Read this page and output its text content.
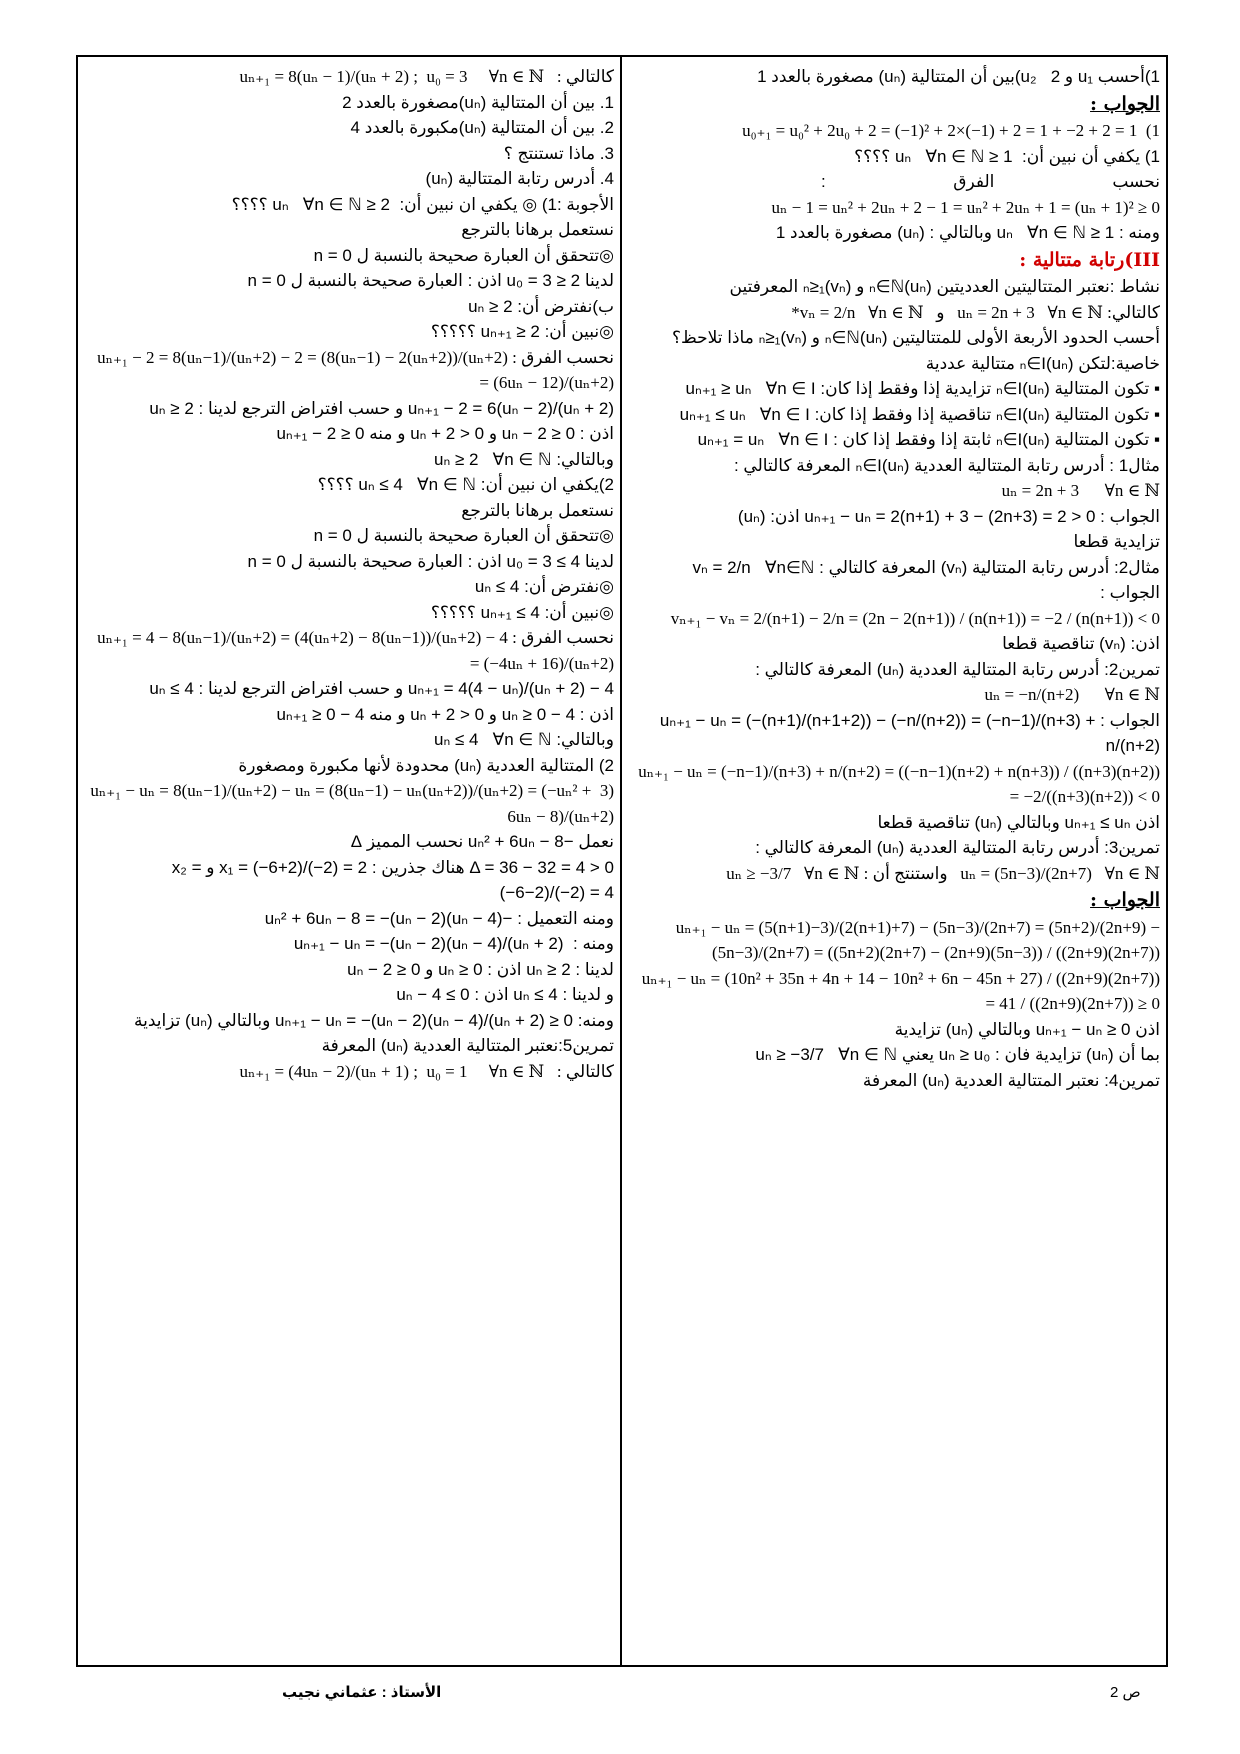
1)أحسب u₁ و u₂   2)بين أن المتتالية (uₙ) مصغورة بالعدد 1

الجواب :

u₀₊₁ = u₀² + 2u₀ + 2 = (−1)² + 2×(−1) + 2 = 1 + −2 + 2 = 1  (1

1) يكفي أن نبين أن:  1 ≤ uₙ   ∀n ∈ ℕ ؟؟؟؟

نحسب                         الفرق                           :

uₙ − 1 = uₙ² + 2uₙ + 2 − 1 = uₙ² + 2uₙ + 1 = (uₙ + 1)² ≥ 0

ومنه : 1 ≤ uₙ   ∀n ∈ ℕ وبالتالي : (uₙ) مصغورة بالعدد 1

III)رتابة متتالية :

نشاط :نعتبر المتتاليتين العدديتين (uₙ)ₙ∈ℕ و (vₙ)ₙ≥₁ المعرفتين

كالتالي: uₙ = 2n + 3   ∀n ∈ ℕ   و   vₙ = 2/n   ∀n ∈ ℕ*

أحسب الحدود الأربعة الأولى للمتتاليتين (uₙ)ₙ∈ℕ و (vₙ)ₙ≥₁ ماذا تلاحظ؟

خاصية:لتكن (uₙ)ₙ∈I متتالية عددية

▪ تكون المتتالية (uₙ)ₙ∈I تزايدية إذا وفقط إذا كان: uₙ₊₁ ≥ uₙ   ∀n ∈ I

▪ تكون المتتالية (uₙ)ₙ∈I تناقصية إذا وفقط إذا كان: uₙ₊₁ ≤ uₙ   ∀n ∈ I

▪ تكون المتتالية (uₙ)ₙ∈I ثابتة إذا وفقط إذا كان : uₙ₊₁ = uₙ   ∀n ∈ I

مثال1 : أدرس رتابة المتتالية العددية (uₙ)ₙ∈I المعرفة كالتالي :

uₙ = 2n + 3      ∀n ∈ ℕ

الجواب : uₙ₊₁ − uₙ = 2(n+1) + 3 − (2n+3) = 2 > 0 اذن: (uₙ)

تزايدية قطعا

مثال2: أدرس رتابة المتتالية (vₙ) المعرفة كالتالي : vₙ = 2/n   ∀n∈ℕ

الجواب :

vₙ₊₁ − vₙ = 2/(n+1) − 2/n = (2n − 2(n+1)) / (n(n+1)) = −2 / (n(n+1)) < 0

اذن: (vₙ) تناقصية قطعا

تمرين2: أدرس رتابة المتتالية العددية (uₙ) المعرفة كالتالي :

uₙ = −n/(n+2)      ∀n ∈ ℕ

الجواب : uₙ₊₁ − uₙ = (−(n+1)/(n+1+2)) − (−n/(n+2)) = (−n−1)/(n+3) + n/(n+2)

uₙ₊₁ − uₙ = (−n−1)/(n+3) + n/(n+2) = ((−n−1)(n+2) + n(n+3)) / ((n+3)(n+2)) = −2/((n+3)(n+2)) < 0

اذن uₙ₊₁ ≤ uₙ وبالتالي (uₙ) تناقصية قطعا

تمرين3: أدرس رتابة المتتالية العددية (uₙ) المعرفة كالتالي :

uₙ = (5n−3)/(2n+7)   ∀n ∈ ℕ   واستنتج أن : uₙ ≥ −3/7   ∀n ∈ ℕ

الجواب :

uₙ₊₁ − uₙ = (5(n+1)−3)/(2(n+1)+7) − (5n−3)/(2n+7) = (5n+2)/(2n+9) − (5n−3)/(2n+7) = ((5n+2)(2n+7) − (2n+9)(5n−3)) / ((2n+9)(2n+7))

uₙ₊₁ − uₙ = (10n² + 35n + 4n + 14 − 10n² + 6n − 45n + 27) / ((2n+9)(2n+7)) = 41 / ((2n+9)(2n+7)) ≥ 0

اذن uₙ₊₁ − uₙ ≥ 0 وبالتالي (uₙ) تزايدية

بما أن (uₙ) تزايدية فان : uₙ ≥ u₀ يعني uₙ ≥ −3/7   ∀n ∈ ℕ

تمرين4: نعتبر المتتالية العددية (uₙ) المعرفة

كالتالي :   uₙ₊₁ = 8(uₙ − 1)/(uₙ + 2) ;  u₀ = 3     ∀n ∈ ℕ

1. بين أن المتتالية (uₙ)مصغورة بالعدد 2

2. بين أن المتتالية (uₙ)مكبورة بالعدد 4

3. ماذا تستنتج ؟

4. أدرس رتابة المتتالية (uₙ)

الأجوبة :1) ◎ يكفي ان نبين أن:  2 ≤ uₙ   ∀n ∈ ℕ ؟؟؟؟

نستعمل برهانا بالترجع

◎تتحقق أن العبارة صحيحة بالنسبة ل n = 0

لدينا u₀ = 3 ≥ 2 اذن : العبارة صحيحة بالنسبة ل n = 0

ب)نفترض أن: uₙ ≥ 2

◎نبين أن: uₙ₊₁ ≥ 2 ؟؟؟؟؟

نحسب الفرق : uₙ₊₁ − 2 = 8(uₙ−1)/(uₙ+2) − 2 = (8(uₙ−1) − 2(uₙ+2))/(uₙ+2) = (6uₙ − 12)/(uₙ+2)

uₙ₊₁ − 2 = 6(uₙ − 2)/(uₙ + 2) و حسب افتراض الترجع لدينا : uₙ ≥ 2

اذن : uₙ − 2 ≥ 0 و uₙ + 2 > 0 و منه uₙ₊₁ − 2 ≥ 0

وبالتالي: uₙ ≥ 2   ∀n ∈ ℕ

2)يكفي ان نبين أن: uₙ ≤ 4   ∀n ∈ ℕ ؟؟؟؟

نستعمل برهانا بالترجع

◎تتحقق أن العبارة صحيحة بالنسبة ل n = 0

لدينا u₀ = 3 ≤ 4 اذن : العبارة صحيحة بالنسبة ل n = 0

◎نفترض أن: uₙ ≤ 4

◎نبين أن: uₙ₊₁ ≤ 4 ؟؟؟؟؟

نحسب الفرق : 4 − uₙ₊₁ = 4 − 8(uₙ−1)/(uₙ+2) = (4(uₙ+2) − 8(uₙ−1))/(uₙ+2) = (−4uₙ + 16)/(uₙ+2)

4 − uₙ₊₁ = 4(4 − uₙ)/(uₙ + 2) و حسب افتراض الترجع لدينا : uₙ ≤ 4

اذن : 4 − uₙ ≥ 0 و uₙ + 2 > 0 و منه 4 − uₙ₊₁ ≥ 0

وبالتالي: uₙ ≤ 4   ∀n ∈ ℕ

2) المتتالية العددية (uₙ) محدودة لأنها مكبورة ومصغورة

(3  uₙ₊₁ − uₙ = 8(uₙ−1)/(uₙ+2) − uₙ = (8(uₙ−1) − uₙ(uₙ+2))/(uₙ+2) = (−uₙ² + 6uₙ − 8)/(uₙ+2)

نعمل −uₙ² + 6uₙ − 8 نحسب المميز Δ

Δ = 36 − 32 = 4 > 0 هناك جذرين : x₁ = (−6+2)/(−2) = 2 و x₂ = (−6−2)/(−2) = 4

ومنه التعميل : −uₙ² + 6uₙ − 8 = −(uₙ − 2)(uₙ − 4)

ومنه :  uₙ₊₁ − uₙ = −(uₙ − 2)(uₙ − 4)/(uₙ + 2)

لدينا : uₙ ≥ 2 اذن : uₙ ≥ 0 و uₙ − 2 ≥ 0

و لدينا : uₙ ≤ 4 اذن : uₙ − 4 ≤ 0

ومنه: uₙ₊₁ − uₙ = −(uₙ − 2)(uₙ − 4)/(uₙ + 2) ≥ 0 وبالتالي (uₙ) تزايدية

تمرين5:نعتبر المتتالية العددية (uₙ) المعرفة

كالتالي :   uₙ₊₁ = (4uₙ − 2)/(uₙ + 1) ;  u₀ = 1     ∀n ∈ ℕ

ص 2
الأستاذ : عثماني نجيب
